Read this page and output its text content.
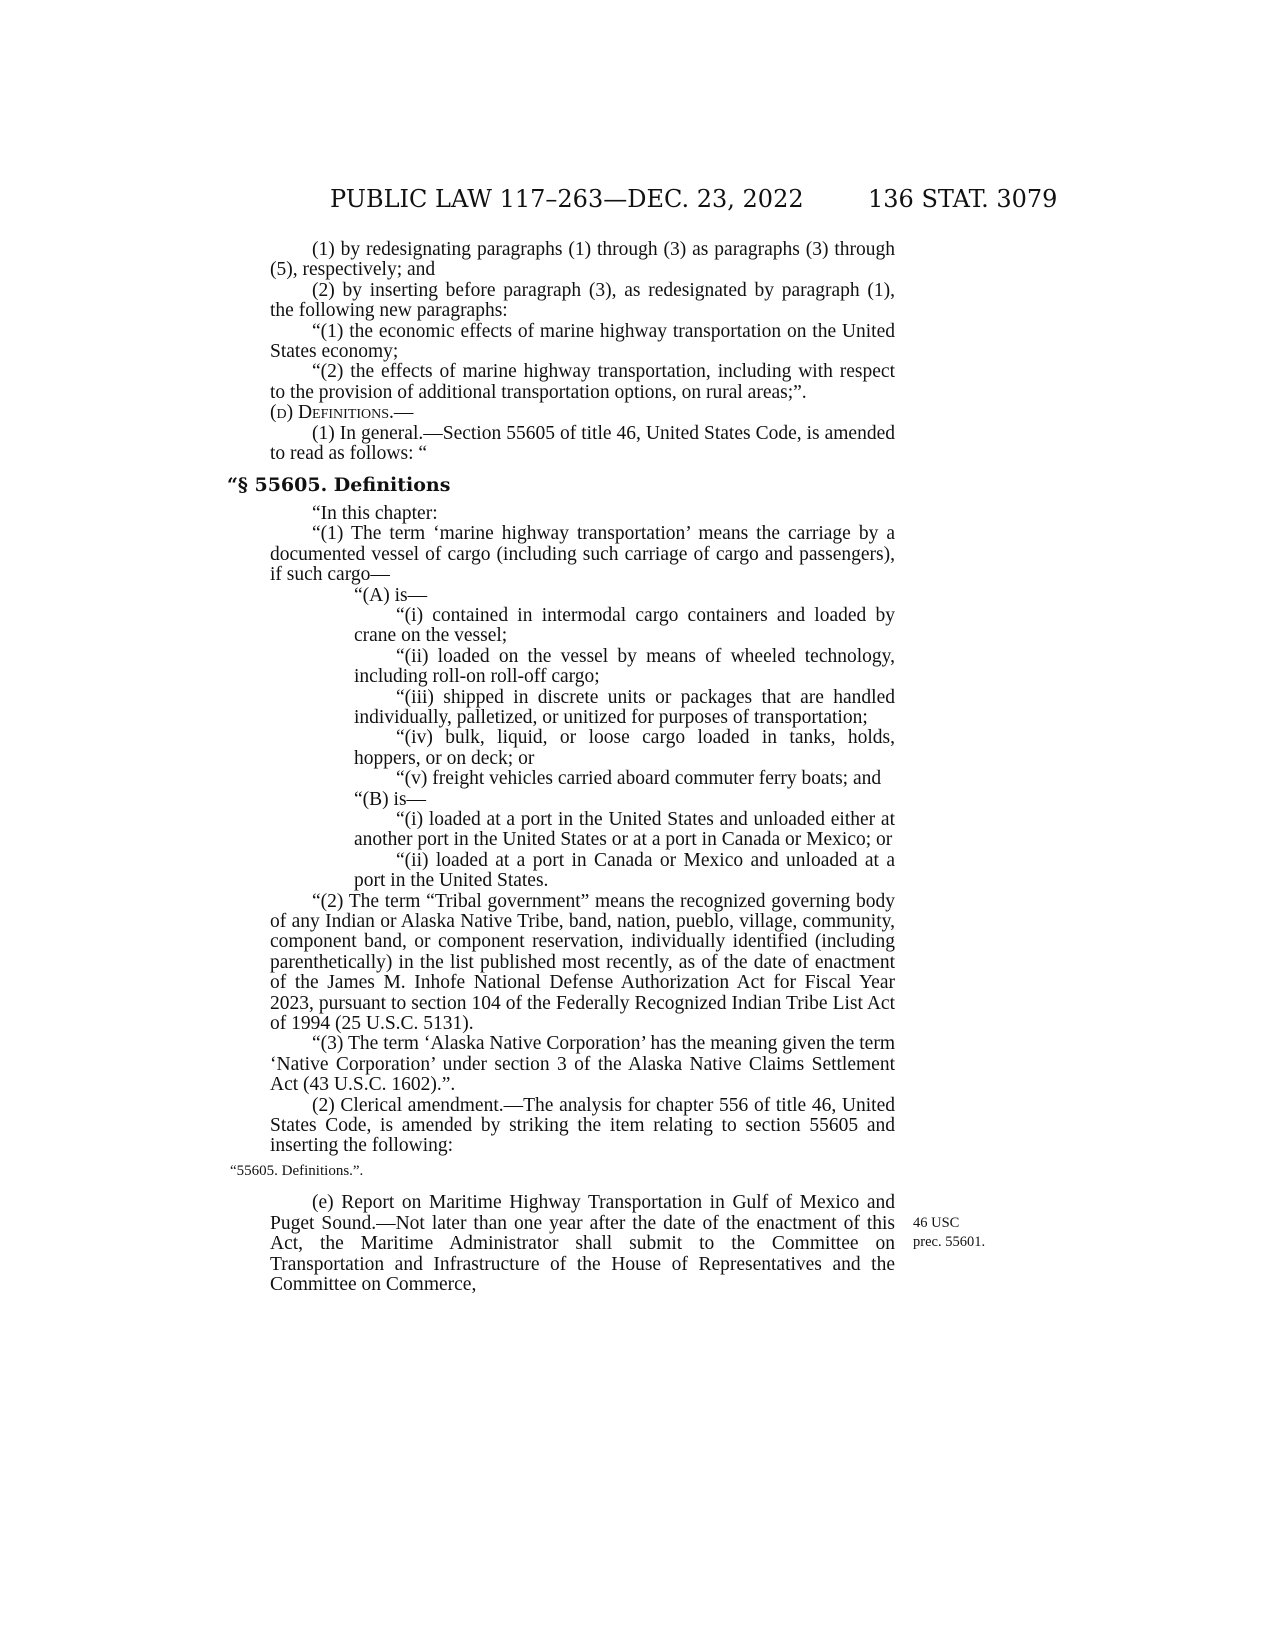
PUBLIC LAW 117–263—DEC. 23, 2022	136 STAT. 3079

(1) by redesignating paragraphs (1) through (3) as paragraphs (3) through (5), respectively; and

(2) by inserting before paragraph (3), as redesignated by paragraph (1), the following new paragraphs:

“(1) the economic effects of marine highway transportation on the United States economy;

“(2) the effects of marine highway transportation, including with respect to the provision of additional transportation options, on rural areas;”.

(d) Definitions.—

(1) In general.—Section 55605 of title 46, United States Code, is amended to read as follows: “

“§ 55605. Definitions

“In this chapter:

“(1) The term ‘marine highway transportation’ means the carriage by a documented vessel of cargo (including such carriage of cargo and passengers), if such cargo—

“(A) is—

“(i) contained in intermodal cargo containers and loaded by crane on the vessel;

“(ii) loaded on the vessel by means of wheeled technology, including roll-on roll-off cargo;

“(iii) shipped in discrete units or packages that are handled individually, palletized, or unitized for purposes of transportation;

“(iv) bulk, liquid, or loose cargo loaded in tanks, holds, hoppers, or on deck; or

“(v) freight vehicles carried aboard commuter ferry boats; and

“(B) is—

“(i) loaded at a port in the United States and unloaded either at another port in the United States or at a port in Canada or Mexico; or

“(ii) loaded at a port in Canada or Mexico and unloaded at a port in the United States.

“(2) The term “Tribal government” means the recognized governing body of any Indian or Alaska Native Tribe, band, nation, pueblo, village, community, component band, or component reservation, individually identified (including parenthetically) in the list published most recently, as of the date of enactment of the James M. Inhofe National Defense Authorization Act for Fiscal Year 2023, pursuant to section 104 of the Federally Recognized Indian Tribe List Act of 1994 (25 U.S.C. 5131).

“(3) The term ‘Alaska Native Corporation’ has the meaning given the term ‘Native Corporation’ under section 3 of the Alaska Native Claims Settlement Act (43 U.S.C. 1602).”.

(2) Clerical amendment.—The analysis for chapter 556 of title 46, United States Code, is amended by striking the item relating to section 55605 and inserting the following:

“55605. Definitions.”.

(e) Report on Maritime Highway Transportation in Gulf of Mexico and Puget Sound.—Not later than one year after the date of the enactment of this Act, the Maritime Administrator shall submit to the Committee on Transportation and Infrastructure of the House of Representatives and the Committee on Commerce,

46 USC
prec. 55601.
